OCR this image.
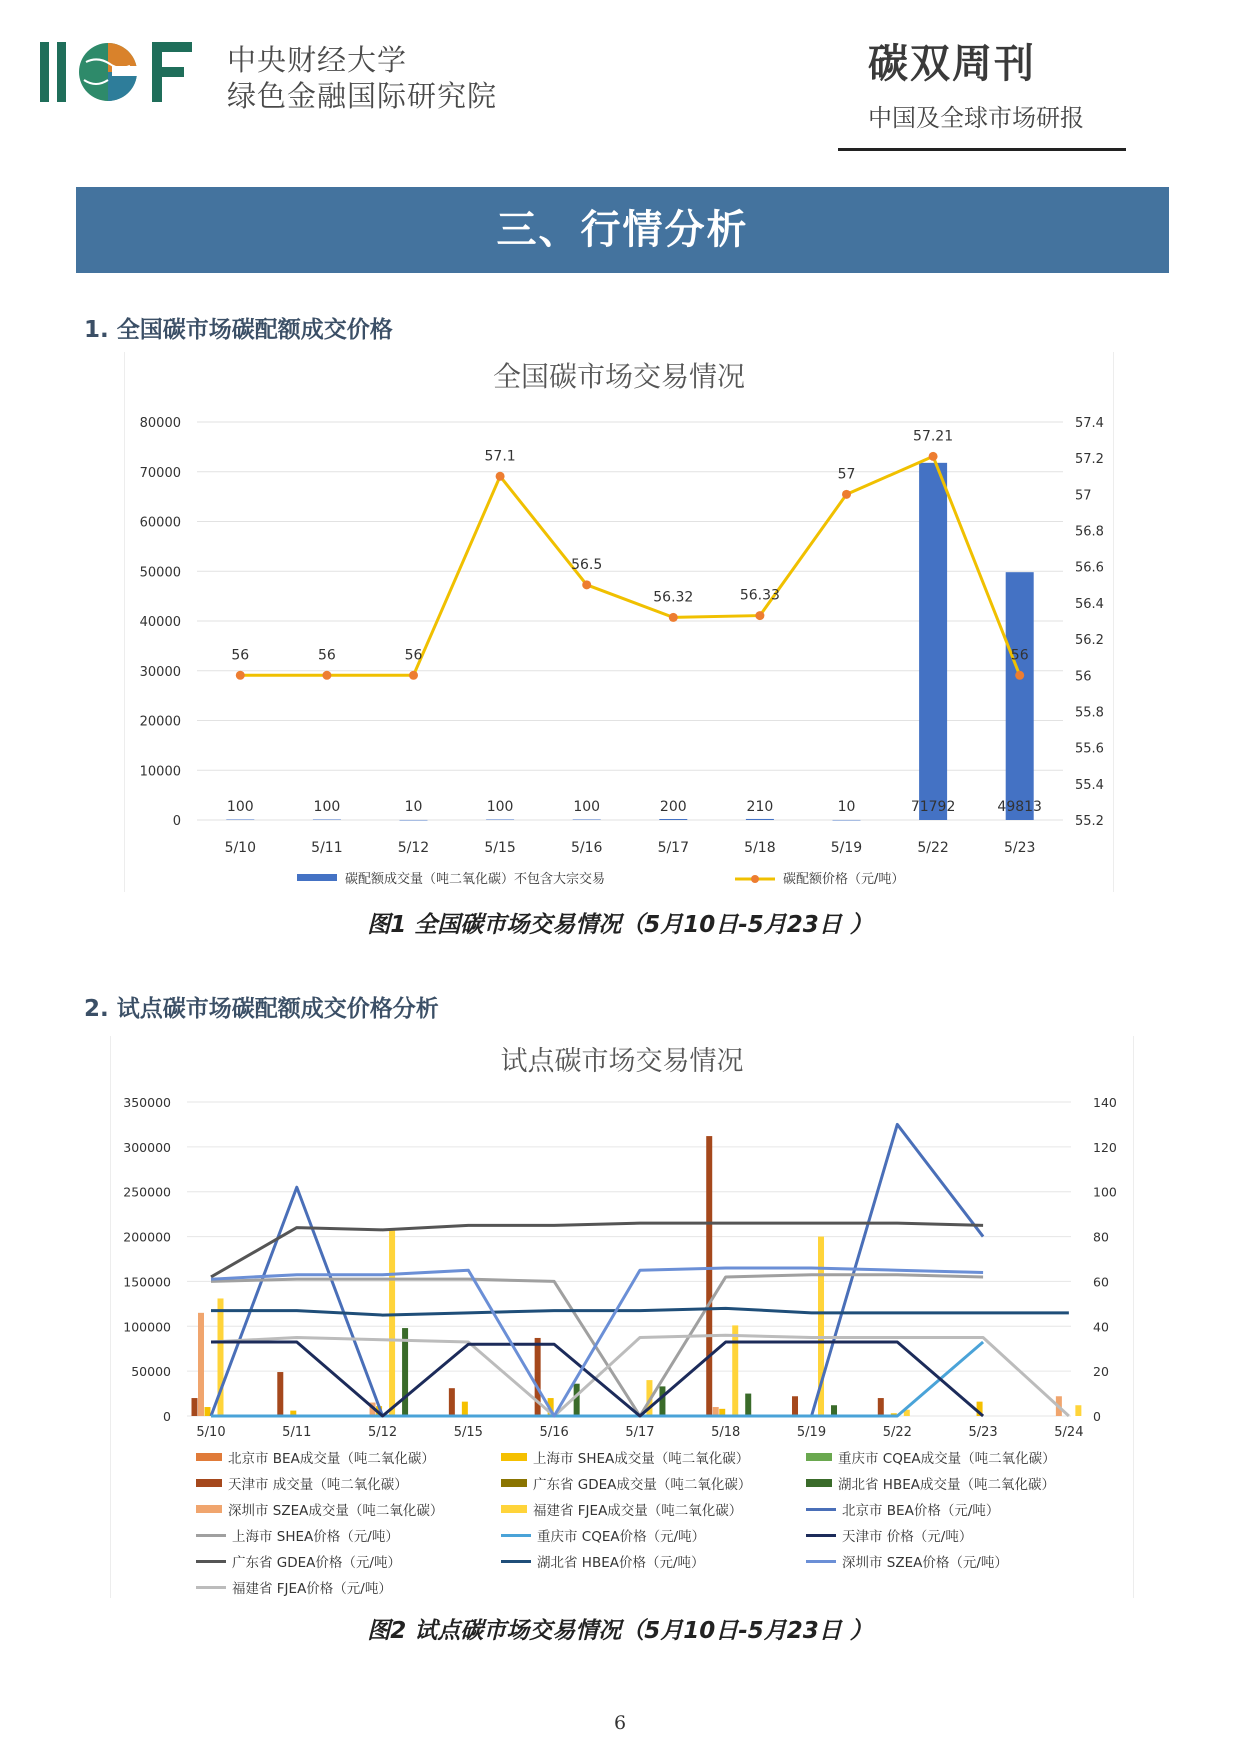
IIGF
中央财经大学
绿色金融国际研究院
碳双周刊
中国及全球市场研报
三、行情分析
1. 全国碳市场碳配额成交价格
全国碳市场交易情况
0
10000
20000
30000
40000
50000
60000
70000
80000
55.2
55.4
55.6
55.8
56
56.2
56.4
56.6
56.8
57
57.2
57.4
5/10	5/11	5/12	5/15	5/16	5/17	5/18	5/19	5/22	5/23
100	100	10	100	100	200	210	10	71792	49813
56	56	56
57.1
56.5
56.32	56.33
57
57.21
56
碳配额成交量（吨二氧化碳）不包含大宗交易	碳配额价格（元/吨）
图1 全国碳市场交易情况（5月10日-5月23日 ）
2. 试点碳市场碳配额成交价格分析
试点碳市场交易情况
0
50000
100000
150000
200000
250000
300000
350000
0
20
40
60
80
100
120
140
5/10	5/11	5/12	5/15	5/16	5/17	5/18	5/19	5/22	5/23	5/24
北京市 BEA成交量（吨二氧化碳）	上海市 SHEA成交量（吨二氧化碳）	重庆市 CQEA成交量（吨二氧化碳）
天津市 成交量（吨二氧化碳）	广东省 GDEA成交量（吨二氧化碳）	湖北省 HBEA成交量（吨二氧化碳）
深圳市 SZEA成交量（吨二氧化碳）	福建省 FJEA成交量（吨二氧化碳）	北京市 BEA价格（元/吨）
上海市 SHEA价格（元/吨）	重庆市 CQEA价格（元/吨）	天津市 价格（元/吨）
广东省 GDEA价格（元/吨）	湖北省 HBEA价格（元/吨）	深圳市 SZEA价格（元/吨）
福建省 FJEA价格（元/吨）
图2 试点碳市场交易情况（5月10日-5月23日 ）
6
